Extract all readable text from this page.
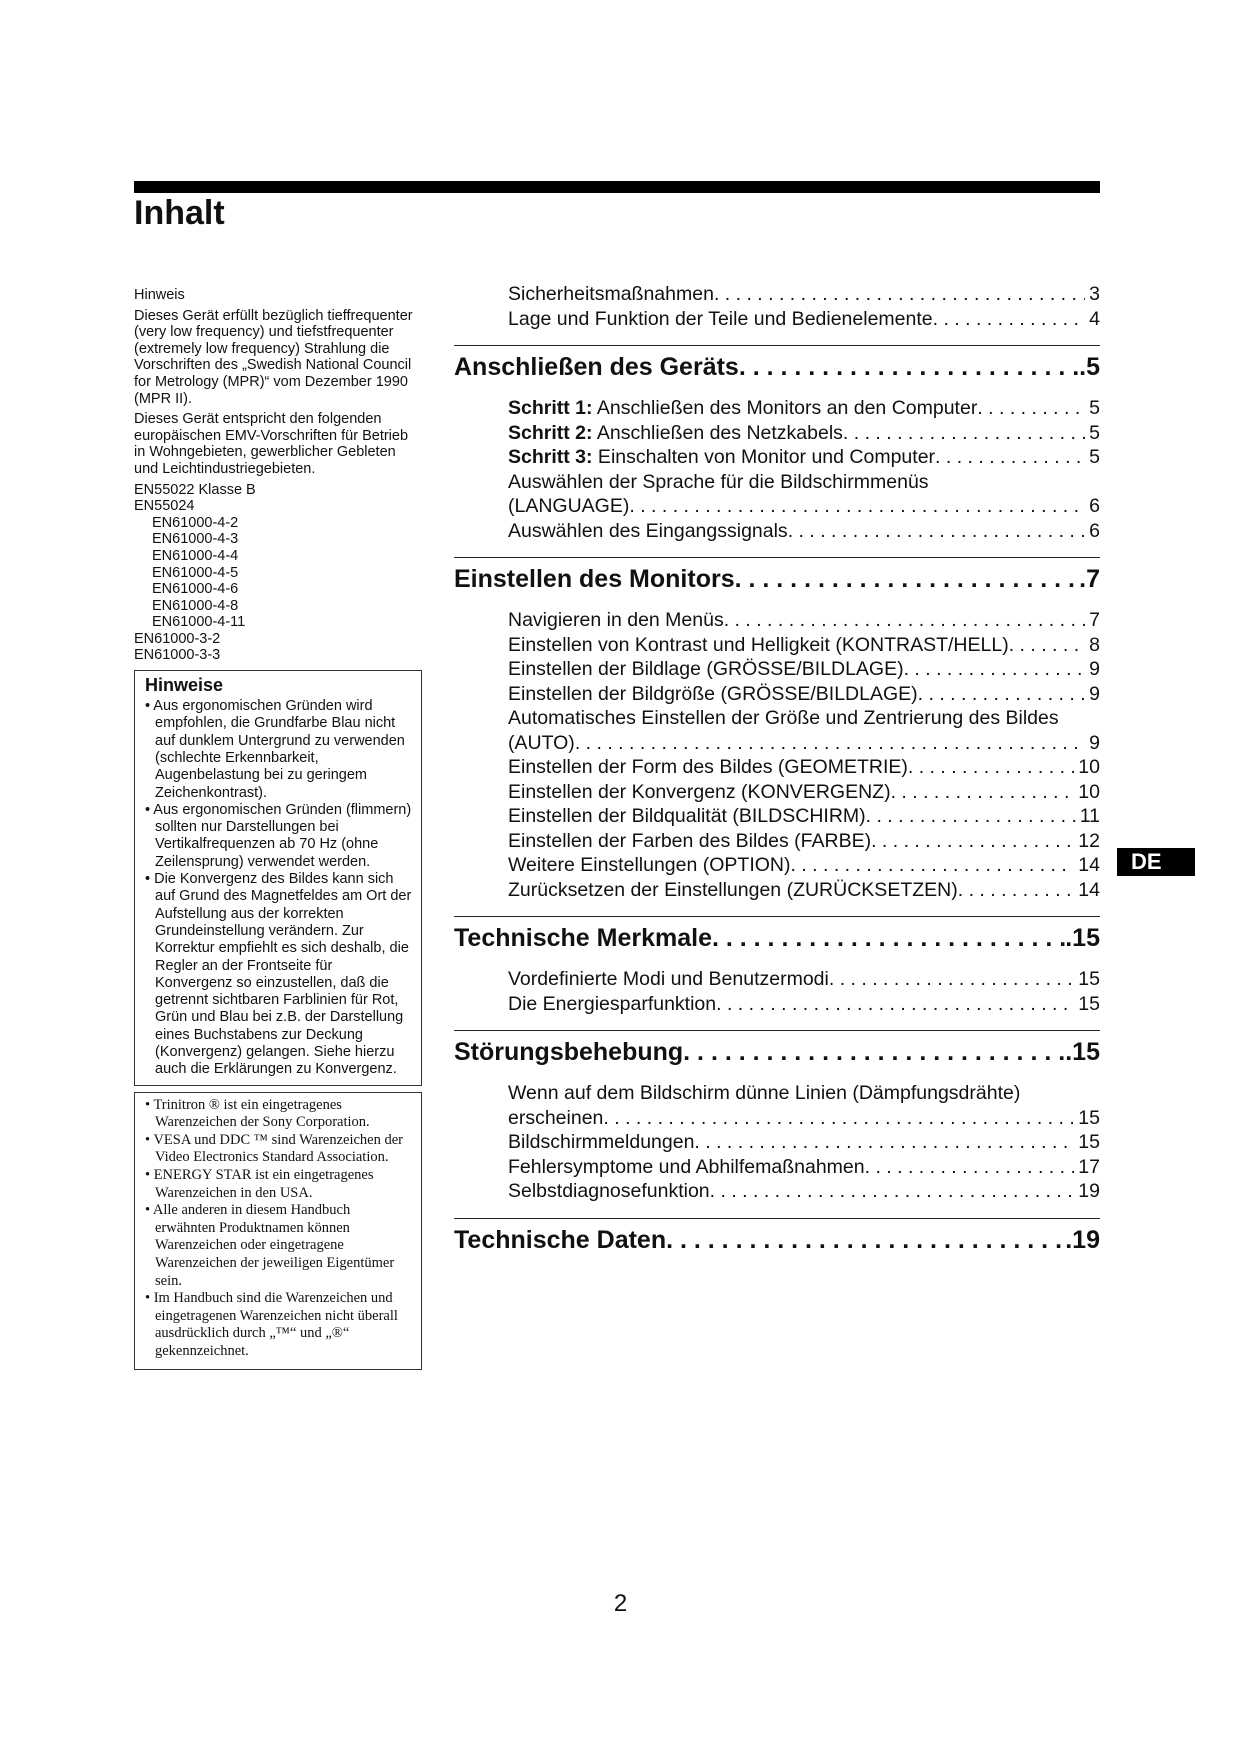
Inhalt

Hinweis

Dieses Gerät erfüllt bezüglich tieffrequenter (very low frequency) und tiefstfrequenter (extremely low frequency) Strahlung die Vorschriften des „Swedish National Council for Metrology (MPR)“ vom Dezember 1990 (MPR II).

Dieses Gerät entspricht den folgenden europäischen EMV-Vorschriften für Betrieb in Wohngebieten, gewerblicher Gebleten und Leichtindustriegebieten.

EN55022 Klasse B
EN55024
EN61000-4-2
EN61000-4-3
EN61000-4-4
EN61000-4-5
EN61000-4-6
EN61000-4-8
EN61000-4-11
EN61000-3-2
EN61000-3-3
Hinweise
• Aus ergonomischen Gründen wird empfohlen, die Grundfarbe Blau nicht auf dunklem Untergrund zu verwenden (schlechte Erkennbarkeit, Augenbelastung bei zu geringem Zeichenkontrast).
• Aus ergonomischen Gründen (flimmern) sollten nur Darstellungen bei Vertikalfrequenzen ab 70 Hz (ohne Zeilensprung) verwendet werden.
• Die Konvergenz des Bildes kann sich auf Grund des Magnetfeldes am Ort der Aufstellung aus der korrekten Grundeinstellung verändern. Zur Korrektur empfiehlt es sich deshalb, die Regler an der Frontseite für Konvergenz so einzustellen, daß die getrennt sichtbaren Farblinien für Rot, Grün und Blau bei z.B. der Darstellung eines Buchstabens zur Deckung (Konvergenz) gelangen. Siehe hierzu auch die Erklärungen zu Konvergenz.
• Trinitron ® ist ein eingetragenes Warenzeichen der Sony Corporation.
• VESA und DDC ™ sind Warenzeichen der Video Electronics Standard Association.
• ENERGY STAR ist ein eingetragenes Warenzeichen in den USA.
• Alle anderen in diesem Handbuch erwähnten Produktnamen können Warenzeichen oder eingetragene Warenzeichen der jeweiligen Eigentümer sein.
• Im Handbuch sind die Warenzeichen und eingetragenen Warenzeichen nicht überall ausdrücklich durch „™“ und „®“ gekennzeichnet.
Sicherheitsmaßnahmen . . .	3
Lage und Funktion der Teile und Bedienelemente . . .	4
Anschließen des Geräts . . .	.5
Schritt 1: Anschließen des Monitors an den Computer . . .	5
Schritt 2: Anschließen des Netzkabels . . .	5
Schritt 3: Einschalten von Monitor und Computer . . .	5
Auswählen der Sprache für die Bildschirmmenüs
(LANGUAGE) . . .	6
Auswählen des Eingangssignals . . .	6
Einstellen des Monitors . . .	.7
Navigieren in den Menüs . . .	7
Einstellen von Kontrast und Helligkeit (KONTRAST/HELL) . . .	8
Einstellen der Bildlage (GRÖSSE/BILDLAGE) . . .	9
Einstellen der Bildgröße (GRÖSSE/BILDLAGE) . . .	9
Automatisches Einstellen der Größe und Zentrierung des Bildes
(AUTO) . . .	9
Einstellen der Form des Bildes (GEOMETRIE) . . .	10
Einstellen der Konvergenz (KONVERGENZ) . . .	10
Einstellen der Bildqualität (BILDSCHIRM) . . .	11
Einstellen der Farben des Bildes (FARBE) . . .	12
Weitere Einstellungen (OPTION) . . .	14
Zurücksetzen der Einstellungen (ZURÜCKSETZEN) . . .	14
Technische Merkmale . . .	.15
Vordefinierte Modi und Benutzermodi . . .	15
Die Energiesparfunktion . . .	15
Störungsbehebung . . .	.15
Wenn auf dem Bildschirm dünne Linien (Dämpfungsdrähte)
erscheinen . . .	15
Bildschirmmeldungen . . .	15
Fehlersymptome und Abhilfemaßnahmen . . .	17
Selbstdiagnosefunktion . . .	19
Technische Daten . . .	.19
DE
2
